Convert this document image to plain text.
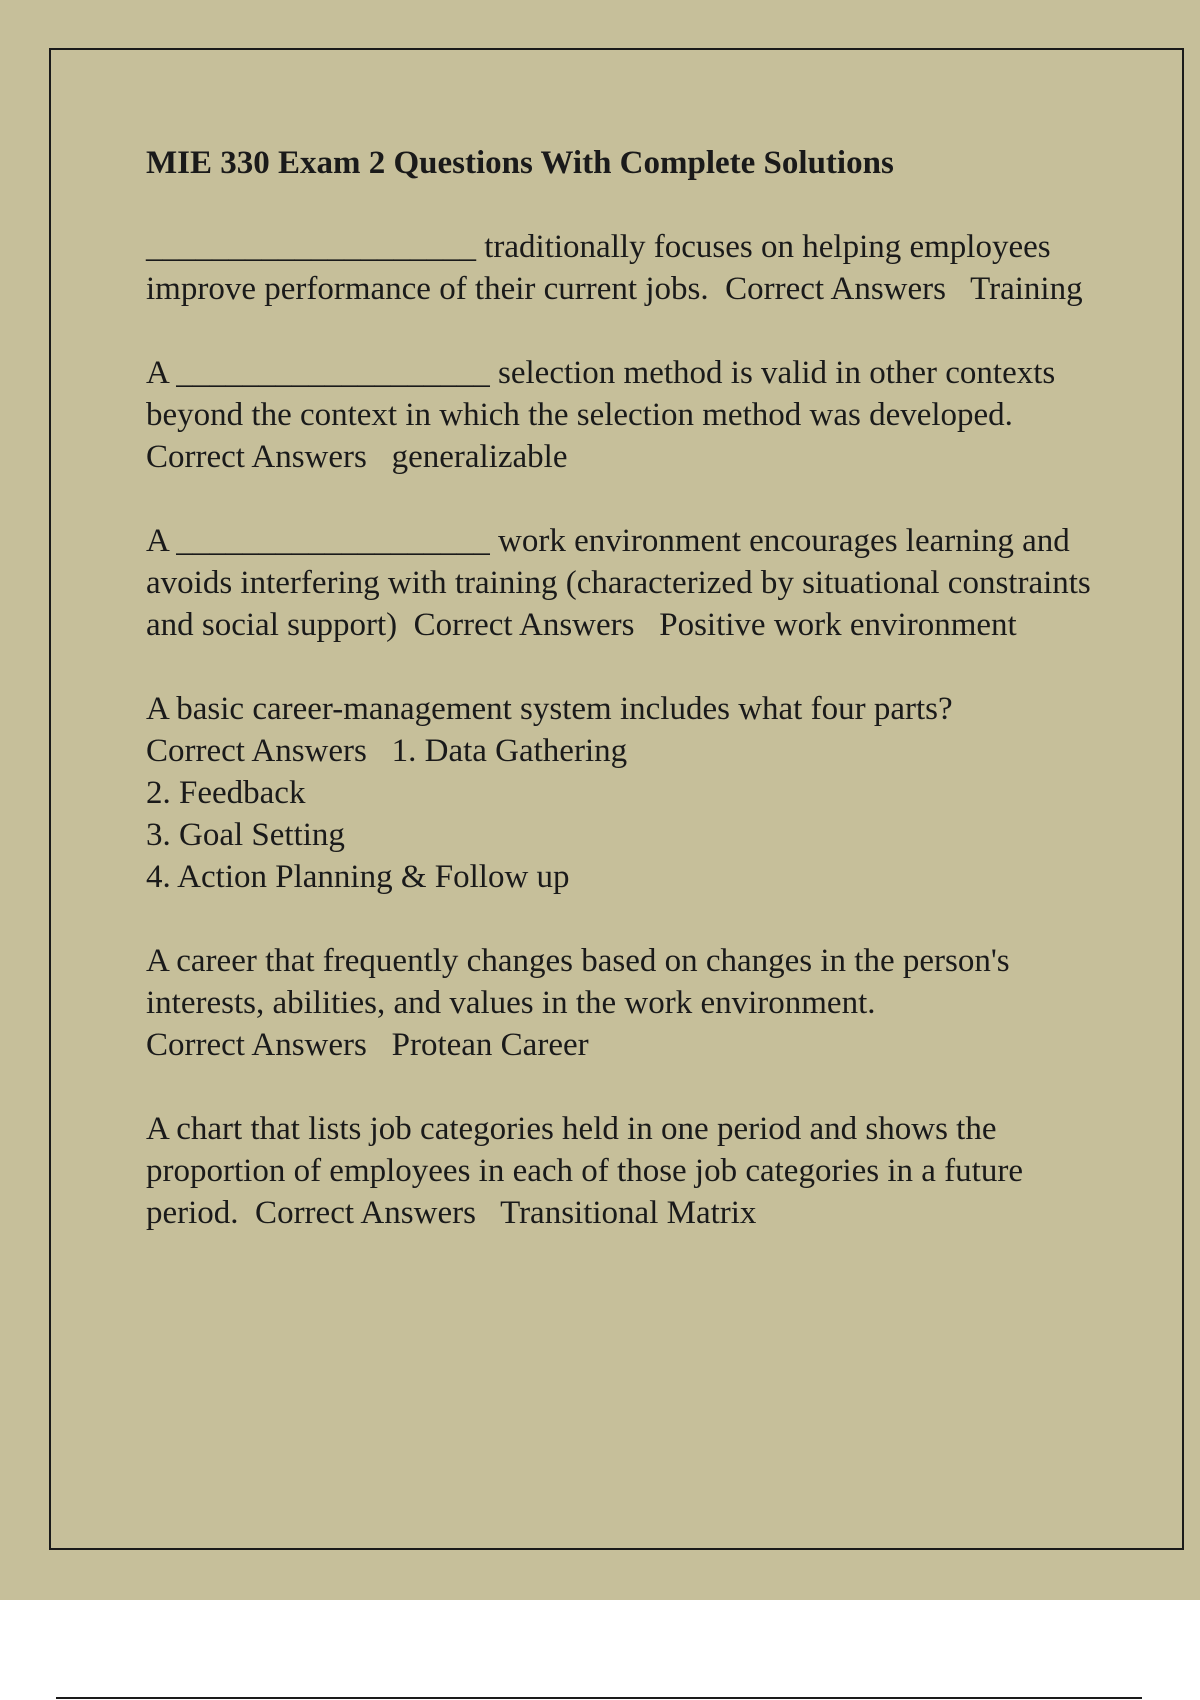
MIE 330 Exam 2 Questions With Complete Solutions
____________________ traditionally focuses on helping employees improve performance of their current jobs.  Correct Answers   Training
A ___________________ selection method is valid in other contexts beyond the context in which the selection method was developed.  Correct Answers   generalizable
A ___________________ work environment encourages learning and avoids interfering with training (characterized by situational constraints and social support)  Correct Answers   Positive work environment
A basic career-management system includes what four parts?
Correct Answers   1. Data Gathering
2. Feedback
3. Goal Setting
4. Action Planning & Follow up
A career that frequently changes based on changes in the person's interests, abilities, and values in the work environment.
Correct Answers   Protean Career
A chart that lists job categories held in one period and shows the proportion of employees in each of those job categories in a future period.  Correct Answers   Transitional Matrix
